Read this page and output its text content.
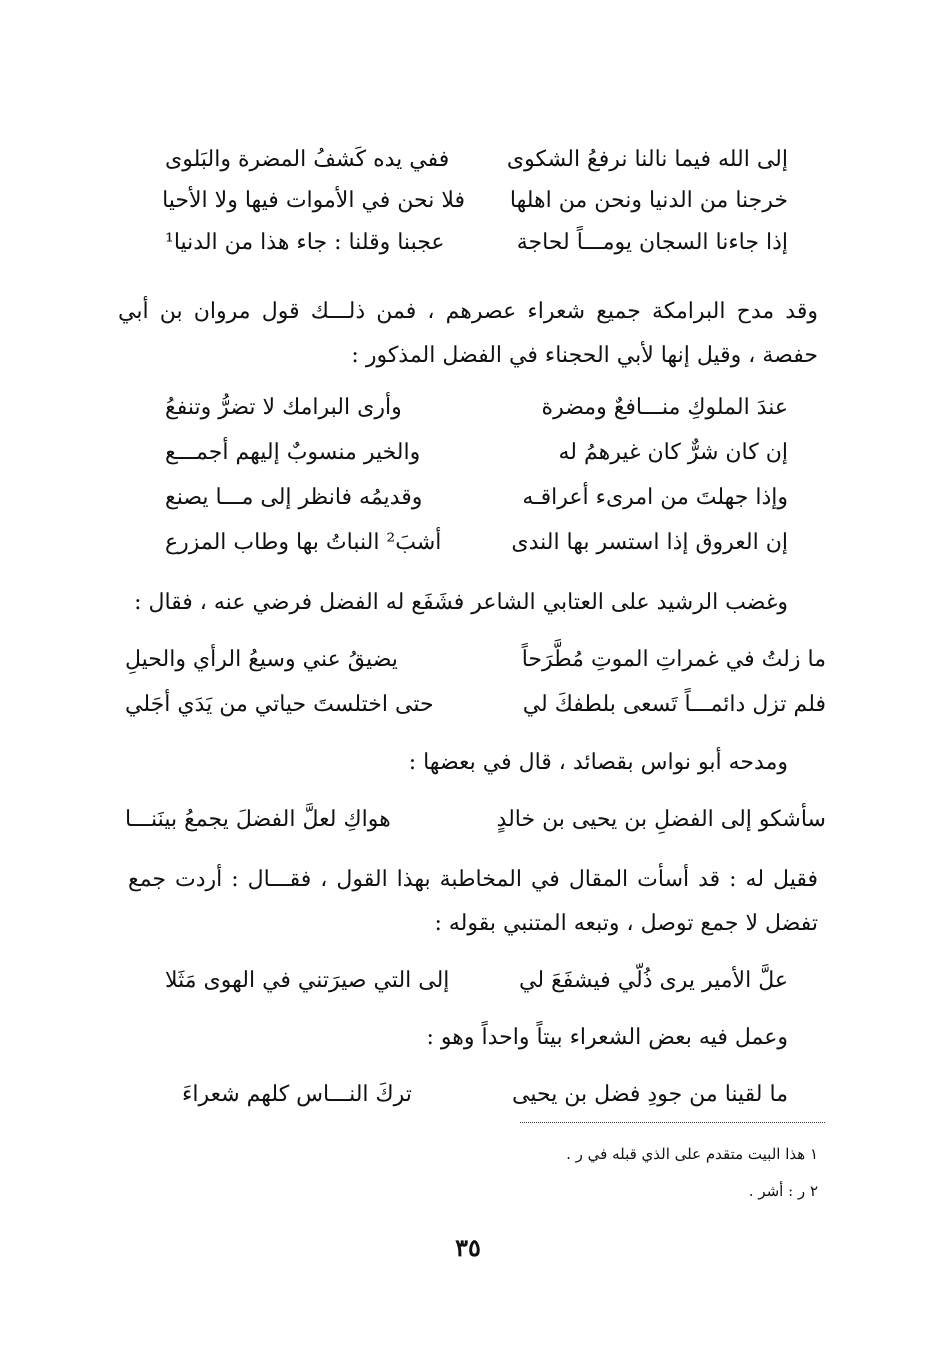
إلى الله فيما نالنا نرفعُ الشكوى
ففي يده كَشفُ المضرة والبَلوى
خرجنا من الدنيا ونحن من اهلها
فلا نحن في الأموات فيها ولا الأحيا
إذا جاءنا السجان يومـــاً لحاجة
عجبنا وقلنا : جاء هذا من الدنيا¹
وقد مدح البرامكة جميع شعراء عصرهم ، فمن ذلـــك قول مروان بن أبي حفصة ، وقيل إنها لأبي الحجناء في الفضل المذكور :
عندَ الملوكِ منـــافعٌ ومضرة
وأرى البرامك لا تضرُّ وتنفعُ
إن كان شرٌّ كان غيرهمُ له
والخير منسوبٌ إليهم أجمـــع
وإذا جهلتَ من امرىء أعراقـه
وقديمُه فانظر إلى مـــا يصنع
إن العروق إذا استسر بها الندى
أشبَ² النباتُ بها وطاب المزرع
وغضب الرشيد على العتابي الشاعر فشَفَع له الفضل فرضي عنه ، فقال :
ما زلتُ في غمراتِ الموتِ مُطَّرَحاً
يضيقُ عني وسيعُ الرأي والحيلِ
فلم تزل دائمـــاً تَسعى بلطفكَ لي
حتى اختلستَ حياتي من يَدَي أجَلي
ومدحه أبو نواس بقصائد ، قال في بعضها :
سأشكو إلى الفضلِ بن يحيى بن خالدٍ
هواكِ لعلَّ الفضلَ يجمعُ بينَنـــا
فقيل له : قد أسأت المقال في المخاطبة بهذا القول ، فقـــال : أردت جمع تفضل لا جمع توصل ، وتبعه المتنبي بقوله :
علَّ الأمير يرى ذُلّي فيشفَعَ لي
إلى التي صيرَتني في الهوى مَثَلا
وعمل فيه بعض الشعراء بيتاً واحداً وهو :
ما لقينا من جودِ فضل بن يحيى
تركَ النـــاس كلهم شعراءَ
١ هذا البيت متقدم على الذي قبله في ر .
٢ ر : أشر .
٣٥
